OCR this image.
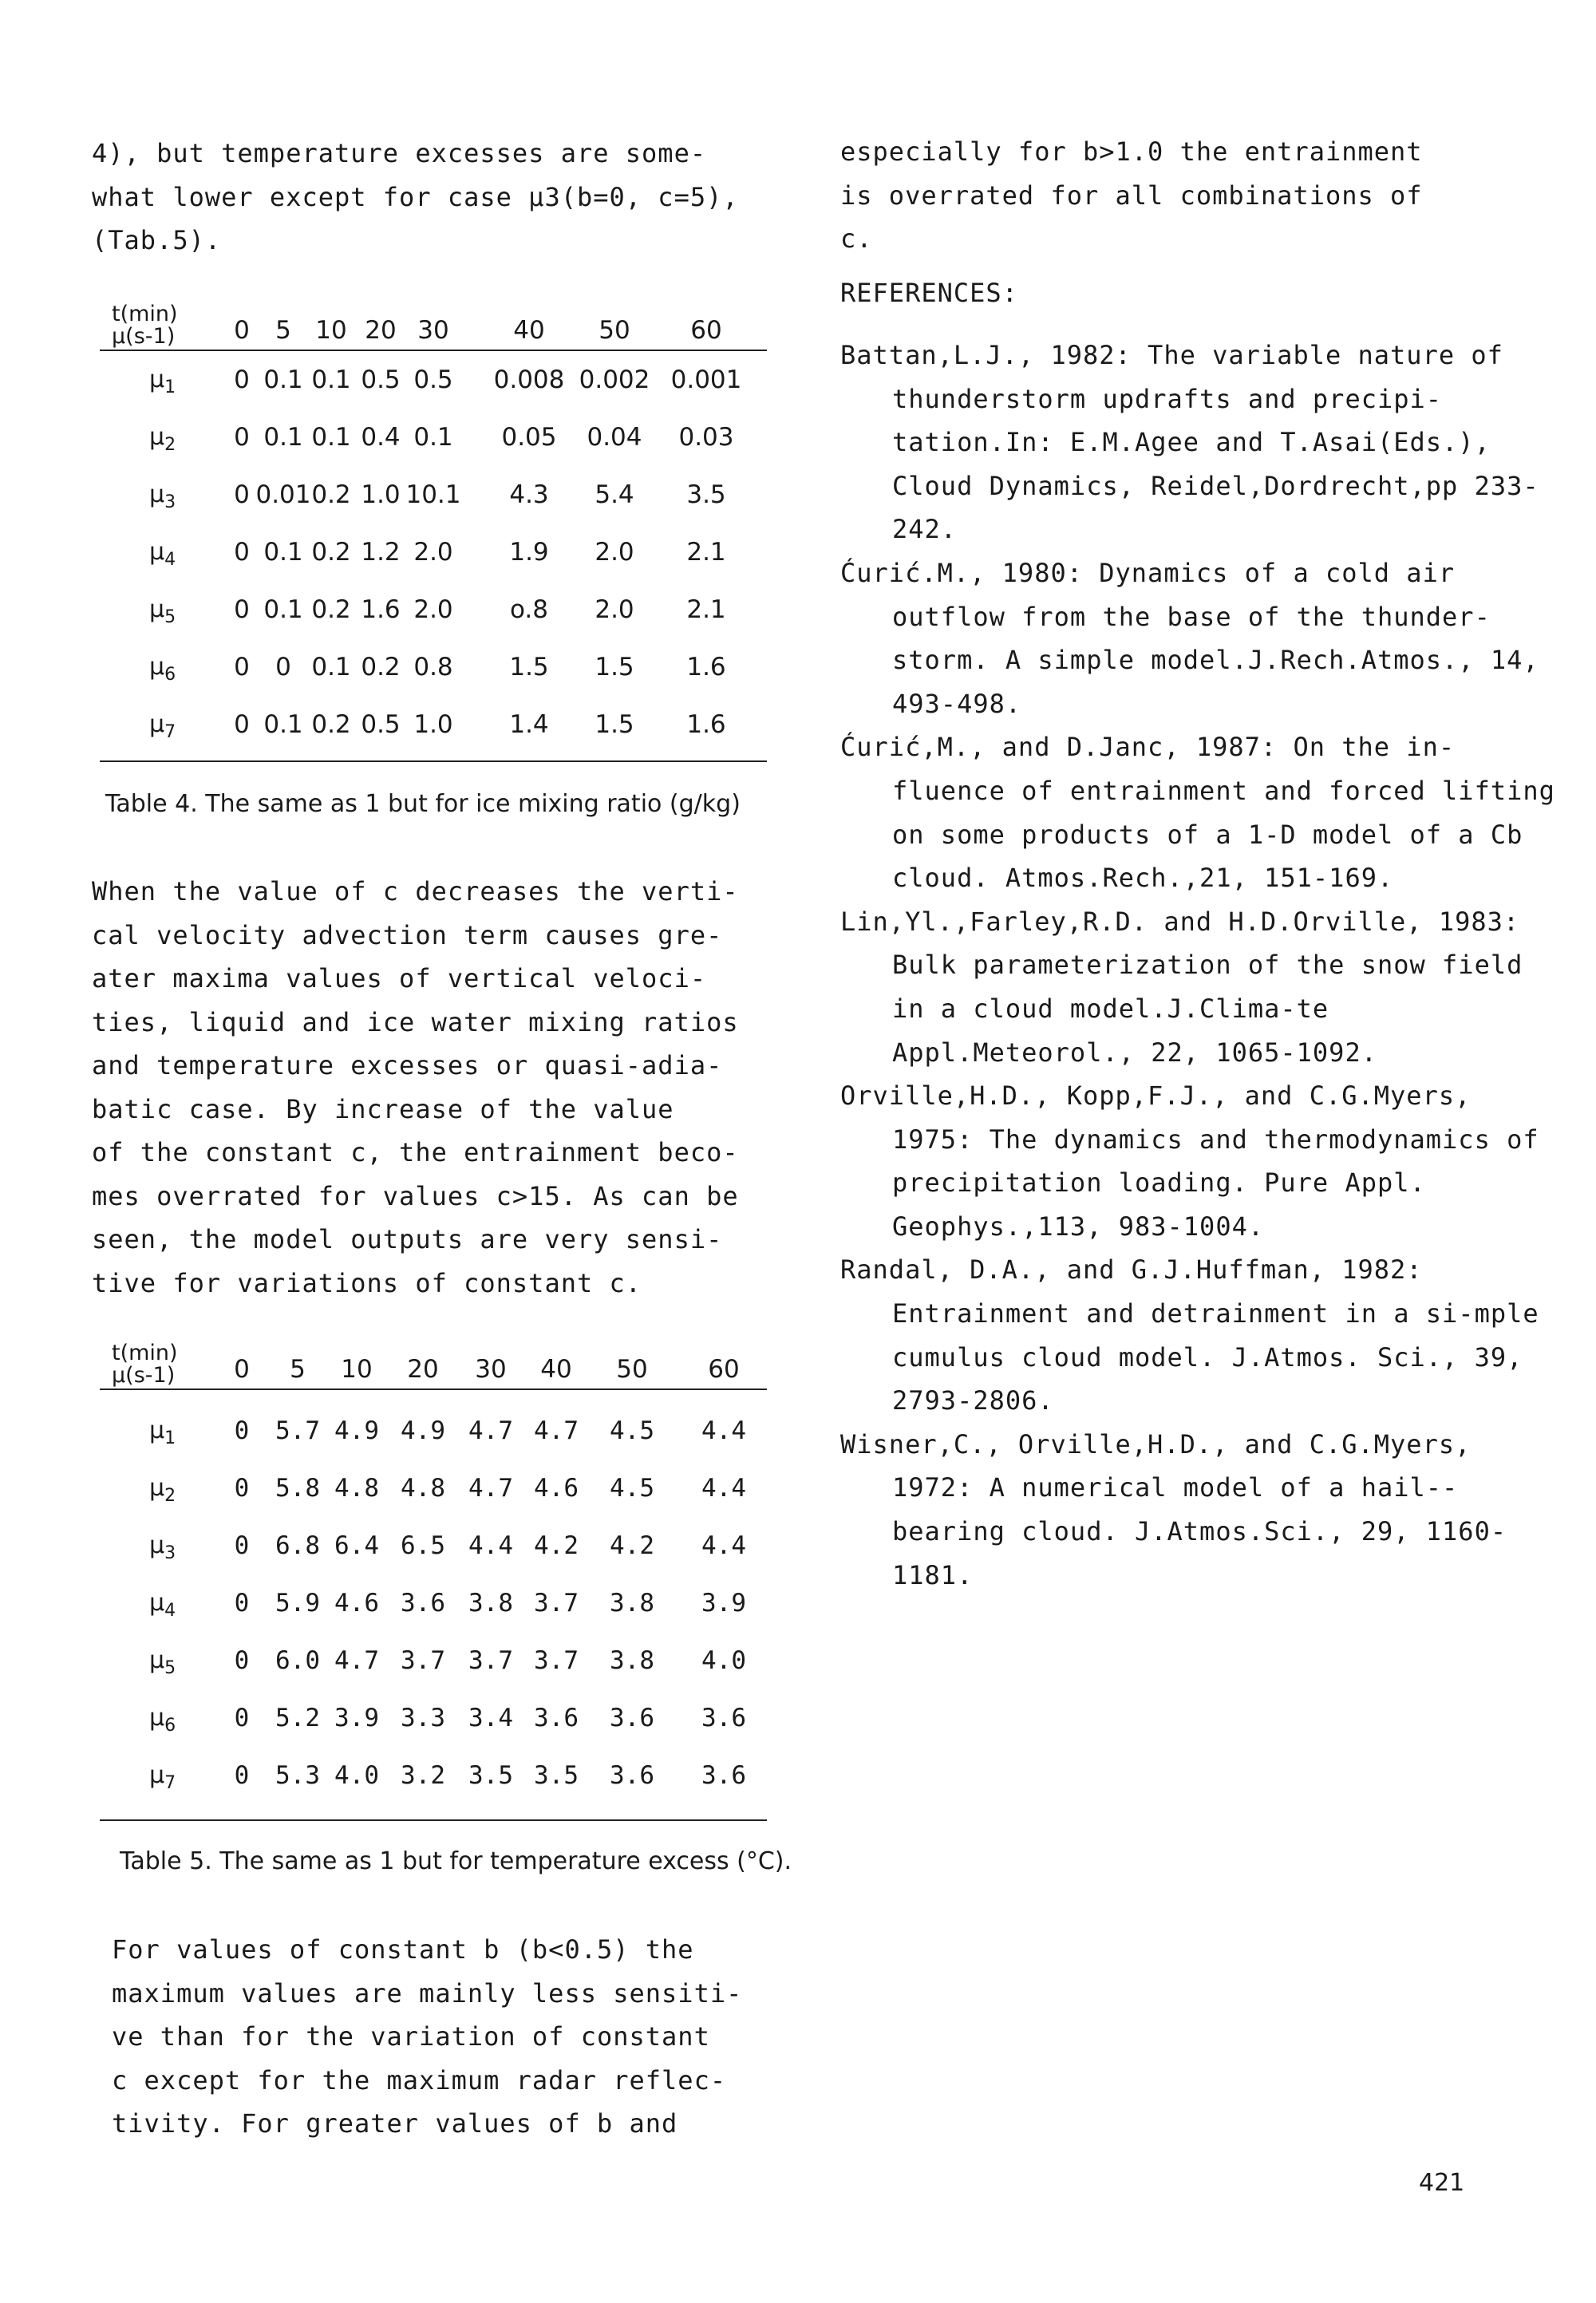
4), but temperature excesses are some-
what lower except for case μ3(b=0, c=5),
(Tab.5).

t(min)
μ(s-1) 0 5 10 20 30	40 50 60
$\mu_1$ 0 0.1 0.1 0.5 0.5 0.008 0.002 0.001
$\mu_2$ 0 0.1 0.1 0.4 0.1 0.05 0.04 0.03
$\mu_3$ 0 0.01 0.2 1.0 10.1 4.3 5.4 3.5
$\mu_4$ 0 0.1 0.2 1.2 2.0 1.9 2.0 2.1
$\mu_5$ 0 0.1 0.2 1.6 2.0 o.8 2.0 2.1
$\mu_6$ 0 0 0.1 0.2 0.8 1.5 1.5 1.6
$\mu_7$ 0 0.1 0.2 0.5 1.0 1.4 1.5 1.6

Table 4. The same as 1 but for ice mixing ratio (g/kg)

When the value of c decreases the verti-
cal velocity advection term causes gre-
ater maxima values of vertical veloci-
ties, liquid and ice water mixing ratios
and temperature excesses or quasi-adia-
batic case. By increase of the value
of the constant c, the entrainment beco-
mes overrated for values c>15. As can be
seen, the model outputs are very sensi-
tive for variations of constant c.

t(min)
μ(s-1) 0 5 10 20 30 40 50 60
$\mu_1$ 0 5.7 4.9 4.9 4.7 4.7 4.5 4.4
$\mu_2$ 0 5.8 4.8 4.8 4.7 4.6 4.5 4.4
$\mu_3$ 0 6.8 6.4 6.5 4.4 4.2 4.2 4.4
$\mu_4$ 0 5.9 4.6 3.6 3.8 3.7 3.8 3.9
$\mu_5$ 0 6.0 4.7 3.7 3.7 3.7 3.8 4.0
$\mu_6$ 0 5.2 3.9 3.3 3.4 3.6 3.6 3.6
$\mu_7$ 0 5.3 4.0 3.2 3.5 3.5 3.6 3.6

Table 5. The same as 1 but for temperature excess (°C).

For values of constant b (b<0.5) the
maximum values are mainly less sensiti-
ve than for the variation of constant
c except for the maximum radar reflec-
tivity. For greater values of b and

especially for b>1.0 the entrainment
is overrated for all combinations of
c.

REFERENCES:

Battan,L.J., 1982: The variable nature of thunderstorm updrafts and precipi-tation.In: E.M.Agee and T.Asai(Eds.), Cloud Dynamics, Reidel,Dordrecht,pp 233-242.

Ćurić.M., 1980: Dynamics of a cold air outflow from the base of the thunder-storm. A simple model.J.Rech.Atmos., 14, 493-498.

Ćurić,M., and D.Janc, 1987: On the in-fluence of entrainment and forced lifting on some products of a 1-D model of a Cb cloud. Atmos.Rech.,21, 151-169.

Lin,Yl.,Farley,R.D. and H.D.Orville, 1983: Bulk parameterization of the snow field in a cloud model.J.Clima-te Appl.Meteorol., 22, 1065-1092.

Orville,H.D., Kopp,F.J., and C.G.Myers, 1975: The dynamics and thermodynamics of precipitation loading. Pure Appl. Geophys.,113, 983-1004.

Randal, D.A., and G.J.Huffman, 1982: Entrainment and detrainment in a si-mple cumulus cloud model. J.Atmos. Sci., 39, 2793-2806.

Wisner,C., Orville,H.D., and C.G.Myers, 1972: A numerical model of a hail--bearing cloud. J.Atmos.Sci., 29, 1160-1181.

421
